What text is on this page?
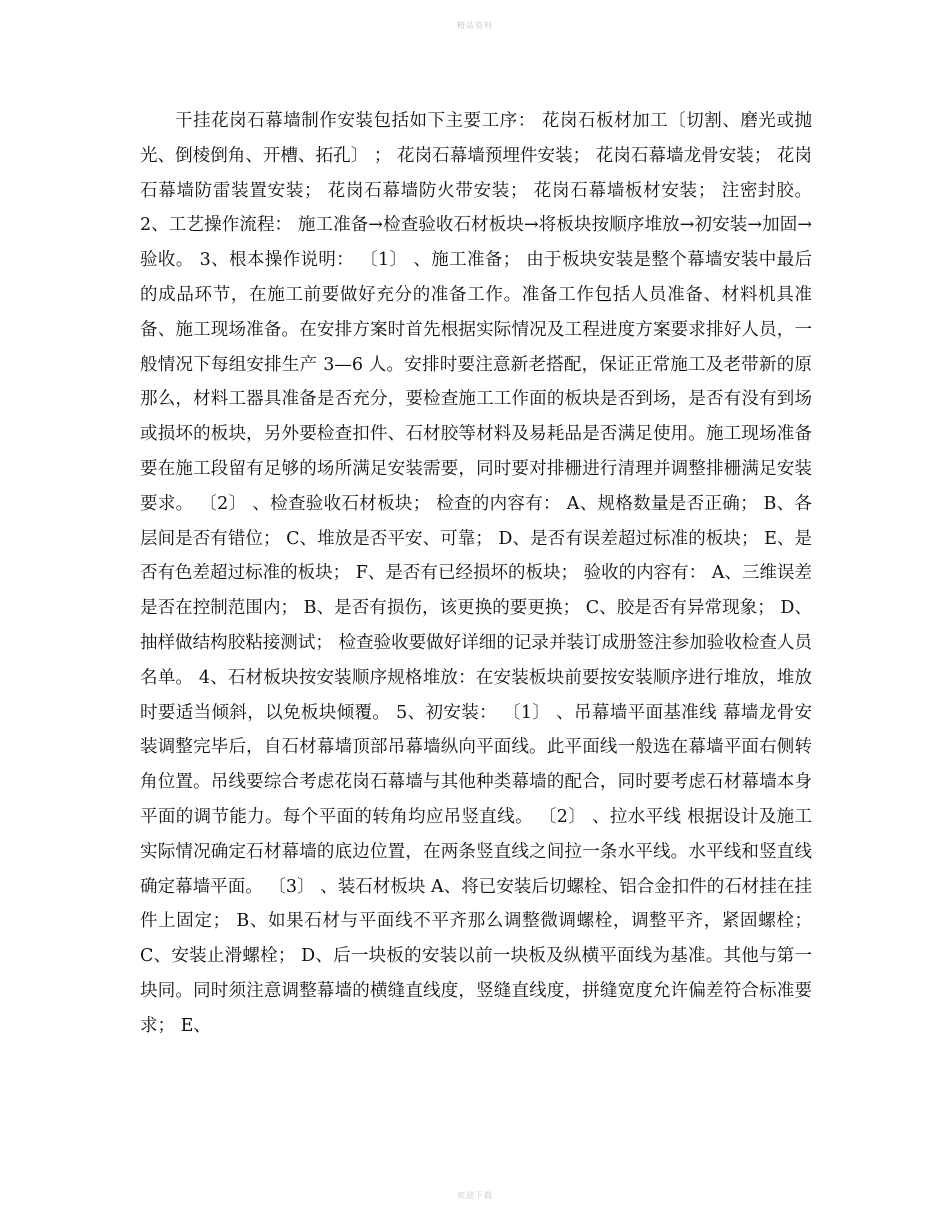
精品资料

干挂花岗石幕墙制作安装包括如下主要工序： 花岗石板材加工〔切割、磨光或抛光、倒棱倒角、开槽、拓孔〕 ； 花岗石幕墙预埋件安装； 花岗石幕墙龙骨安装； 花岗石幕墙防雷装置安装； 花岗石幕墙防火带安装； 花岗石幕墙板材安装； 注密封胶。 2、工艺操作流程： 施工准备→检查验收石材板块→将板块按顺序堆放→初安装→加固→验收。 3、根本操作说明： 〔1〕 、施工准备； 由于板块安装是整个幕墙安装中最后的成品环节，在施工前要做好充分的准备工作。准备工作包括人员准备、材料机具准备、施工现场准备。在安排方案时首先根据实际情况及工程进度方案要求排好人员，一般情况下每组安排生产 3—6 人。安排时要注意新老搭配，保证正常施工及老带新的原那么，材料工器具准备是否充分，要检查施工工作面的板块是否到场，是否有没有到场或损坏的板块，另外要检查扣件、石材胶等材料及易耗品是否满足使用。施工现场准备要在施工段留有足够的场所满足安装需要，同时要对排栅进行清理并调整排栅满足安装要求。 〔2〕 、检查验收石材板块； 检查的内容有： A、规格数量是否正确； B、各层间是否有错位； C、堆放是否平安、可靠； D、是否有误差超过标准的板块； E、是否有色差超过标准的板块； F、是否有已经损坏的板块； 验收的内容有： A、三维误差是否在控制范围内； B、是否有损伤，该更换的要更换； C、胶是否有异常现象； D、抽样做结构胶粘接测试； 检查验收要做好详细的记录并装订成册签注参加验收检查人员名单。 4、石材板块按安装顺序规格堆放：在安装板块前要按安装顺序进行堆放，堆放时要适当倾斜，以免板块倾覆。 5、初安装： 〔1〕 、吊幕墙平面基准线 幕墙龙骨安装调整完毕后，自石材幕墙顶部吊幕墙纵向平面线。此平面线一般选在幕墙平面右侧转角位置。吊线要综合考虑花岗石幕墙与其他种类幕墙的配合，同时要考虑石材幕墙本身平面的调节能力。每个平面的转角均应吊竖直线。 〔2〕 、拉水平线 根据设计及施工实际情况确定石材幕墙的底边位置，在两条竖直线之间拉一条水平线。水平线和竖直线确定幕墙平面。 〔3〕 、装石材板块 A、将已安装后切螺栓、铝合金扣件的石材挂在挂件上固定； B、如果石材与平面线不平齐那么调整微调螺栓，调整平齐，紧固螺栓； C、安装止滑螺栓； D、后一块板的安装以前一块板及纵横平面线为基准。其他与第一块同。同时须注意调整幕墙的横缝直线度，竖缝直线度，拼缝宽度允许偏差符合标准要求； E、

欢迎下载
